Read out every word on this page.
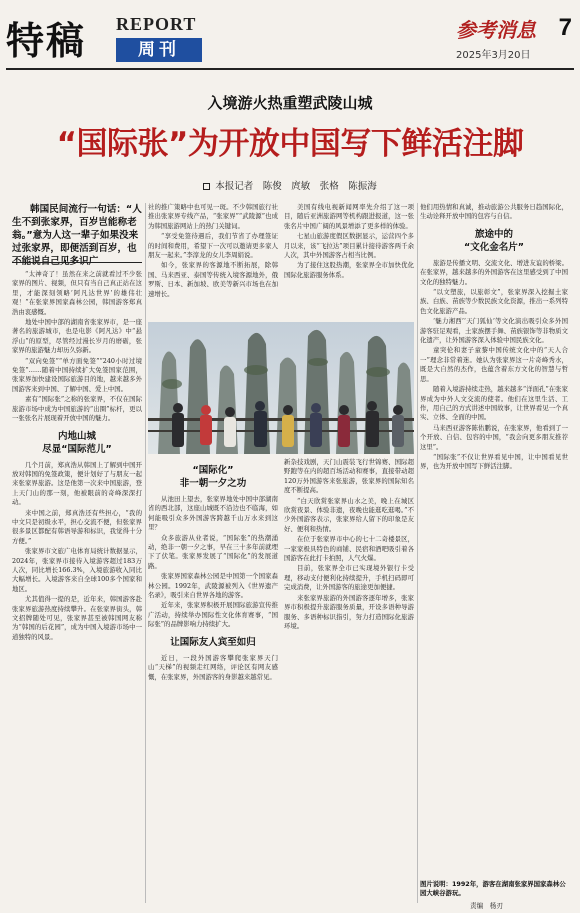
特稿 REPORT
周刊
参考消息 7
2025年3月20日
入境游火热重塑武陵山城
“国际张”为开放中国写下鲜活注脚
本报记者　陈俊　庹敏　张格　陈振海
韩国民间流行一句话：“人生不到张家界，百岁岂能称老翁。”意为人这一辈子如果没来过张家界，即便活到百岁，也

“太神奇了！虽然在来之前就看过不少张家界的图片、视频，但只有当自己真正站在这里，才能深刻领略‘阿凡达世界’的雄伟壮观！”在张家界国家森林公园，韩国游客郑真浩由衷感慨。

地处中国中部的湖南省张家界市，是一座著名的旅游城市，也是电影《阿凡达》中“悬浮山”的原型，尽管经过漫长岁月的磨砺，张家界的旅游魅力却历久弥新。

“双向免签”“单方面免签”“240小时过境免签”……随着中国持续扩大免签国家范围，张家界加快建设国际旅游目的地，越来越多外国游客来到中国、了解中国、爱上中国。

素有“国际张”之称的张家界，不仅在国际旅游市场中成为中国旅游的“出圈”标杆，更以一张张名片展现着开放中国的魅力。

内地山城
尽显“国际范儿”

几个月前，郑真浩从韩国上了解到中国开放对韩国的免签政策，便计划好了与朋友一起来张家界旅游。这是他第一次来中国旅游，登上天门山的那一刻，他被眼前的奇峰深深打动。

来中国之前，郑真浩还有些担心，“我的中文只是初级水平，担心交流不便，但张家界很多景区都配有韩语导游和标识，我觉得十分方便。”

张家界市文旅广电体育局统计数据显示，2024年，张家界市接待入境游客超过183万人次，同比增长166.3%，入境旅游收入同比大幅增长。入境游客来自全球100多个国家和地区。

尤其值得一提的是，近年来，韩国游客赴张家界旅游热度持续攀升。在张家界街头，韩文招牌随处可见，张家界甚至被韩国网友称为“韩国的后花园”，成为中国入境游市场中一道独特的风景。

社的推广策略中也可见一斑。不少韩国旅行社推出张家界专线产品，“张家界”“武陵源”也成为韩国旅游网站上的热门关键词。

“享受免签待遇后，我们节省了办理签证的时间和费用，希望下一次可以邀请更多家人朋友一起来。”李淳龙的女儿李周娟说。

如今，张家界的客源地不断拓展，除韩国、马来西亚、泰国等传统入境客源地外，俄罗斯、日本、新加坡、欧美等新兴市场也在加速增长。

美国有线电视新闻网率先介绍了这一项目，随后亚洲旅游网等机构跟进报道，这一张张名片中国广阔的风景增添了更多样的体验。

七星山旅游度假区数据显示，运营四个多月以来，该“飞拉达”项目累计接待游客两千余人次，其中外国游客占相当比例。

为了接住这股热潮，张家界全市加快优化国际化旅游服务体系。

“国际化”
非一朝一夕之功

从池田上望去，张家界地处中国中部湖南省的西北部，这座山城既不沿边也不临海，如何能吸引众多外国游客跨越千山万水来到这里？

众多旅游从业者说，“国际张”的热潮涌动，绝非一朝一夕之事，早在三十多年前就埋下了伏笔。张家界发展了“国际化”的发展道路。

张家界国家森林公园是中国第一个国家森林公园。1992年，武陵源被列入《世界遗产名录》，吸引来自世界各地的游客。

近年来，张家界积极开展国际旅游宣传推广活动，持续举办国际性文化体育赛事，“国际张”的品牌影响力持续扩大。

让国际友人宾至如归

近日，一段外国游客攀爬张家界天门山“天梯”的视频走红网络，评论区有网友感慨，在张家界，外国游客的身影越来越常见。

新杂技戏剧，天门山震装飞行世锦赛、国际超野跑等在内的超百场活动和赛事，直接带动超120万外国游客来张旅游，张家界的国际知名度不断提高。

“白天欣赏张家界山水之美，晚上在城区欣赏夜景、体验非遗，夜晚也能逛吃逛喝。”不少外国游客表示，张家界给人留下的印象是友好、便利和热情。

在位于张家界市中心的七十二奇楼景区，一家家极具特色的商铺、民宿和酒吧吸引着各国游客在此打卡拍照，人气火爆。

目前，张家界全市已实现境外银行卡受理，移动支付便利化持续提升，手机扫码即可完成消费，让外国游客的旅途更加便捷。

来张家界旅游的外国游客逐年增多，张家界市积极提升旅游服务质量，开设多语种导游服务、多语种标识指引，努力打造国际化旅游环境。

他们用热情和真诚，推动旅游公共服务日趋国际化，生动诠释开放中国的包容与自信。

旅途中的
“文化金名片”

旅游是传播文明、交流文化、增进友谊的桥梁。在张家界，越来越多的外国游客在这里感受到了中国文化的独特魅力。

“以文塑旅，以旅彰文”，张家界深入挖掘土家族、白族、苗族等少数民族文化资源，推出一系列特色文化旅游产品。

‘魅力湘西’‘天门狐仙’等文化演出吸引众多外国游客驻足观看，土家族摆手舞、苗族银饰等非物质文化遗产，让外国游客深入体验中国民族文化。

童突伦和妻子童黎中国传统文化中的“天人合一”理念非常着迷。她认为张家界这一片奇峰秀水，既是大自然的杰作，也蕴含着东方文化的智慧与哲思。

随着入境游持续走热，越来越多“洋面孔”在张家界成为中外人文交流的使者。他们在这里生活、工作，用自己的方式讲述中国故事，让世界看见一个真实、立体、全面的中国。

马来西亚游客陈佑鹏说，在张家界，他看到了一个开放、自信、包容的中国，“我会向更多朋友推荐这里”。

“国际张”不仅让世界看见中国，让中国看见世界，也为开放中国写下鲜活注脚。

图片说明：1992年，游客在湖南张家界国家森林公园大峡谷游玩。
责编　杨刃
